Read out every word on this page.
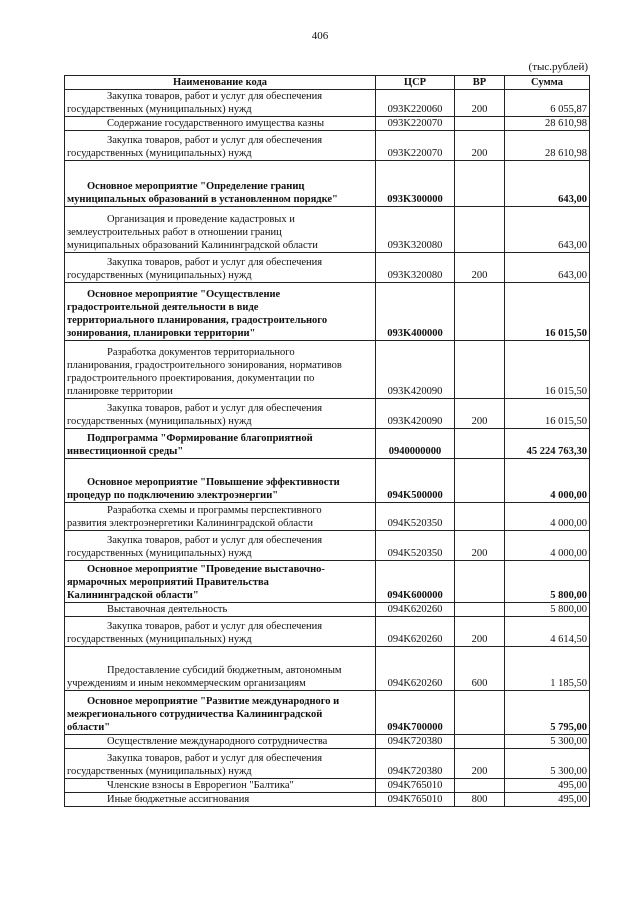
406
(тыс.рублей)
Наименование кода	ЦСР	ВР	Сумма

Закупка товаров, работ и услуг для обеспечения
государственных (муниципальных) нужд	093K220060	200	6 055,87

Содержание государственного имущества казны	093K220070		28 610,98

Закупка товаров, работ и услуг для обеспечения
государственных (муниципальных) нужд	093K220070	200	28 610,98

Основное мероприятие "Определение границ
муниципальных образований в установленном порядке"	093K300000		643,00

Организация и проведение кадастровых и
землеустроительных работ в отношении границ
муниципальных образований Калининградской области	093K320080		643,00

Закупка товаров, работ и услуг для обеспечения
государственных (муниципальных) нужд	093K320080	200	643,00

Основное мероприятие "Осуществление
градостроительной деятельности в виде
территориального планирования, градостроительного
зонирования, планировки территории"	093K400000		16 015,50

Разработка документов территориального
планирования, градостроительного зонирования, нормативов
градостроительного проектирования, документации по
планировке территории	093K420090		16 015,50

Закупка товаров, работ и услуг для обеспечения
государственных (муниципальных) нужд	093K420090	200	16 015,50

Подпрограмма "Формирование благоприятной
инвестиционной среды"	0940000000		45 224 763,30

Основное мероприятие "Повышение эффективности
процедур по подключению электроэнергии"	094K500000		4 000,00

Разработка схемы и программы перспективного
развития электроэнергетики Калининградской области	094K520350		4 000,00

Закупка товаров, работ и услуг для обеспечения
государственных (муниципальных) нужд	094K520350	200	4 000,00

Основное мероприятие "Проведение выставочно-
ярмарочных мероприятий Правительства
Калининградской области"	094K600000		5 800,00

Выставочная деятельность	094K620260		5 800,00

Закупка товаров, работ и услуг для обеспечения
государственных (муниципальных) нужд	094K620260	200	4 614,50

Предоставление субсидий бюджетным, автономным
учреждениям и иным некоммерческим организациям	094K620260	600	1 185,50

Основное мероприятие "Развитие международного и
межрегионального сотрудничества Калининградской
области"	094K700000		5 795,00

Осуществление международного сотрудничества	094K720380		5 300,00

Закупка товаров, работ и услуг для обеспечения
государственных (муниципальных) нужд	094K720380	200	5 300,00

Членские взносы в Еврорегион "Балтика"	094K765010		495,00

Иные бюджетные ассигнования	094K765010	800	495,00
